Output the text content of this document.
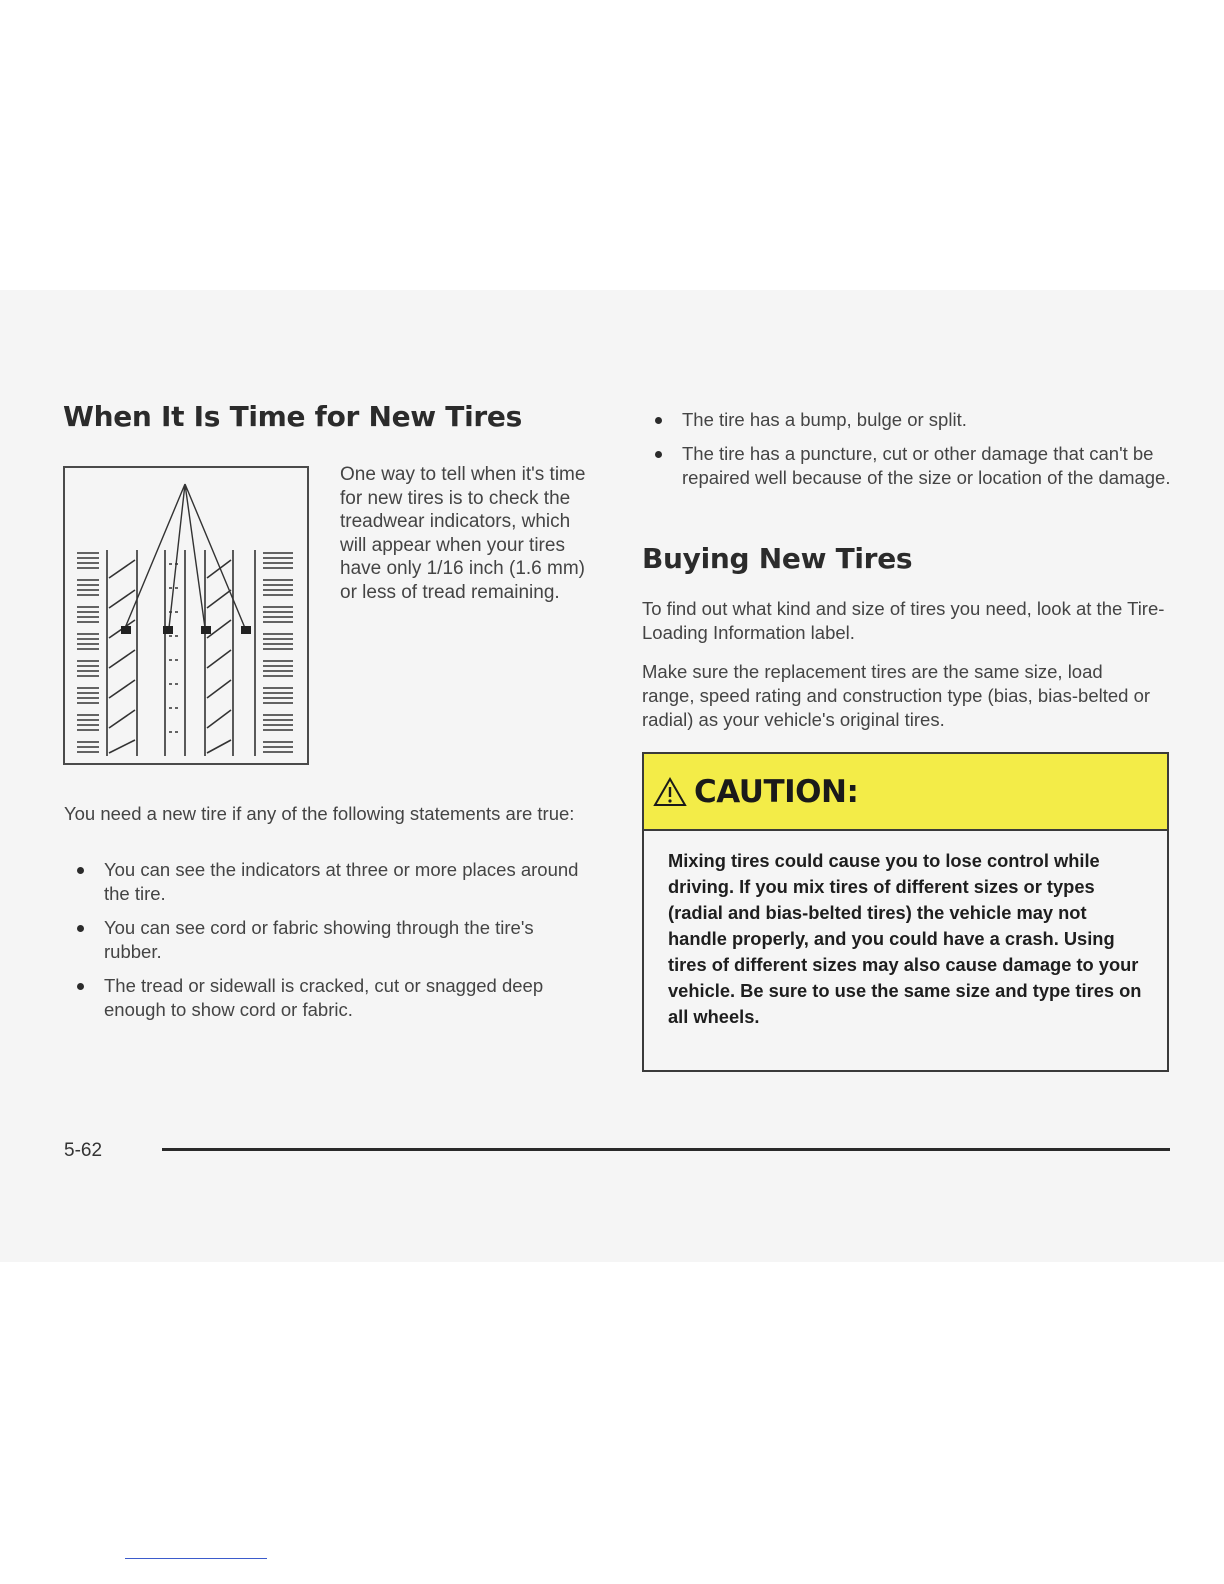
When It Is Time for New Tires
One way to tell when it's time for new tires is to check the treadwear indicators, which will appear when your tires have only 1/16 inch (1.6 mm) or less of tread remaining.

You need a new tire if any of the following statements are true:

You can see the indicators at three or more places around the tire.
You can see cord or fabric showing through the tire's rubber.
The tread or sidewall is cracked, cut or snagged deep enough to show cord or fabric.
The tire has a bump, bulge or split.
The tire has a puncture, cut or other damage that can't be repaired well because of the size or location of the damage.
Buying New Tires

To find out what kind and size of tires you need, look at the Tire-Loading Information label.

Make sure the replacement tires are the same size, load range, speed rating and construction type (bias, bias-belted or radial) as your vehicle's original tires.

CAUTION:
Mixing tires could cause you to lose control while driving. If you mix tires of different sizes or types (radial and bias-belted tires) the vehicle may not handle properly, and you could have a crash. Using tires of different sizes may also cause damage to your vehicle. Be sure to use the same size and type tires on all wheels.
5-62
